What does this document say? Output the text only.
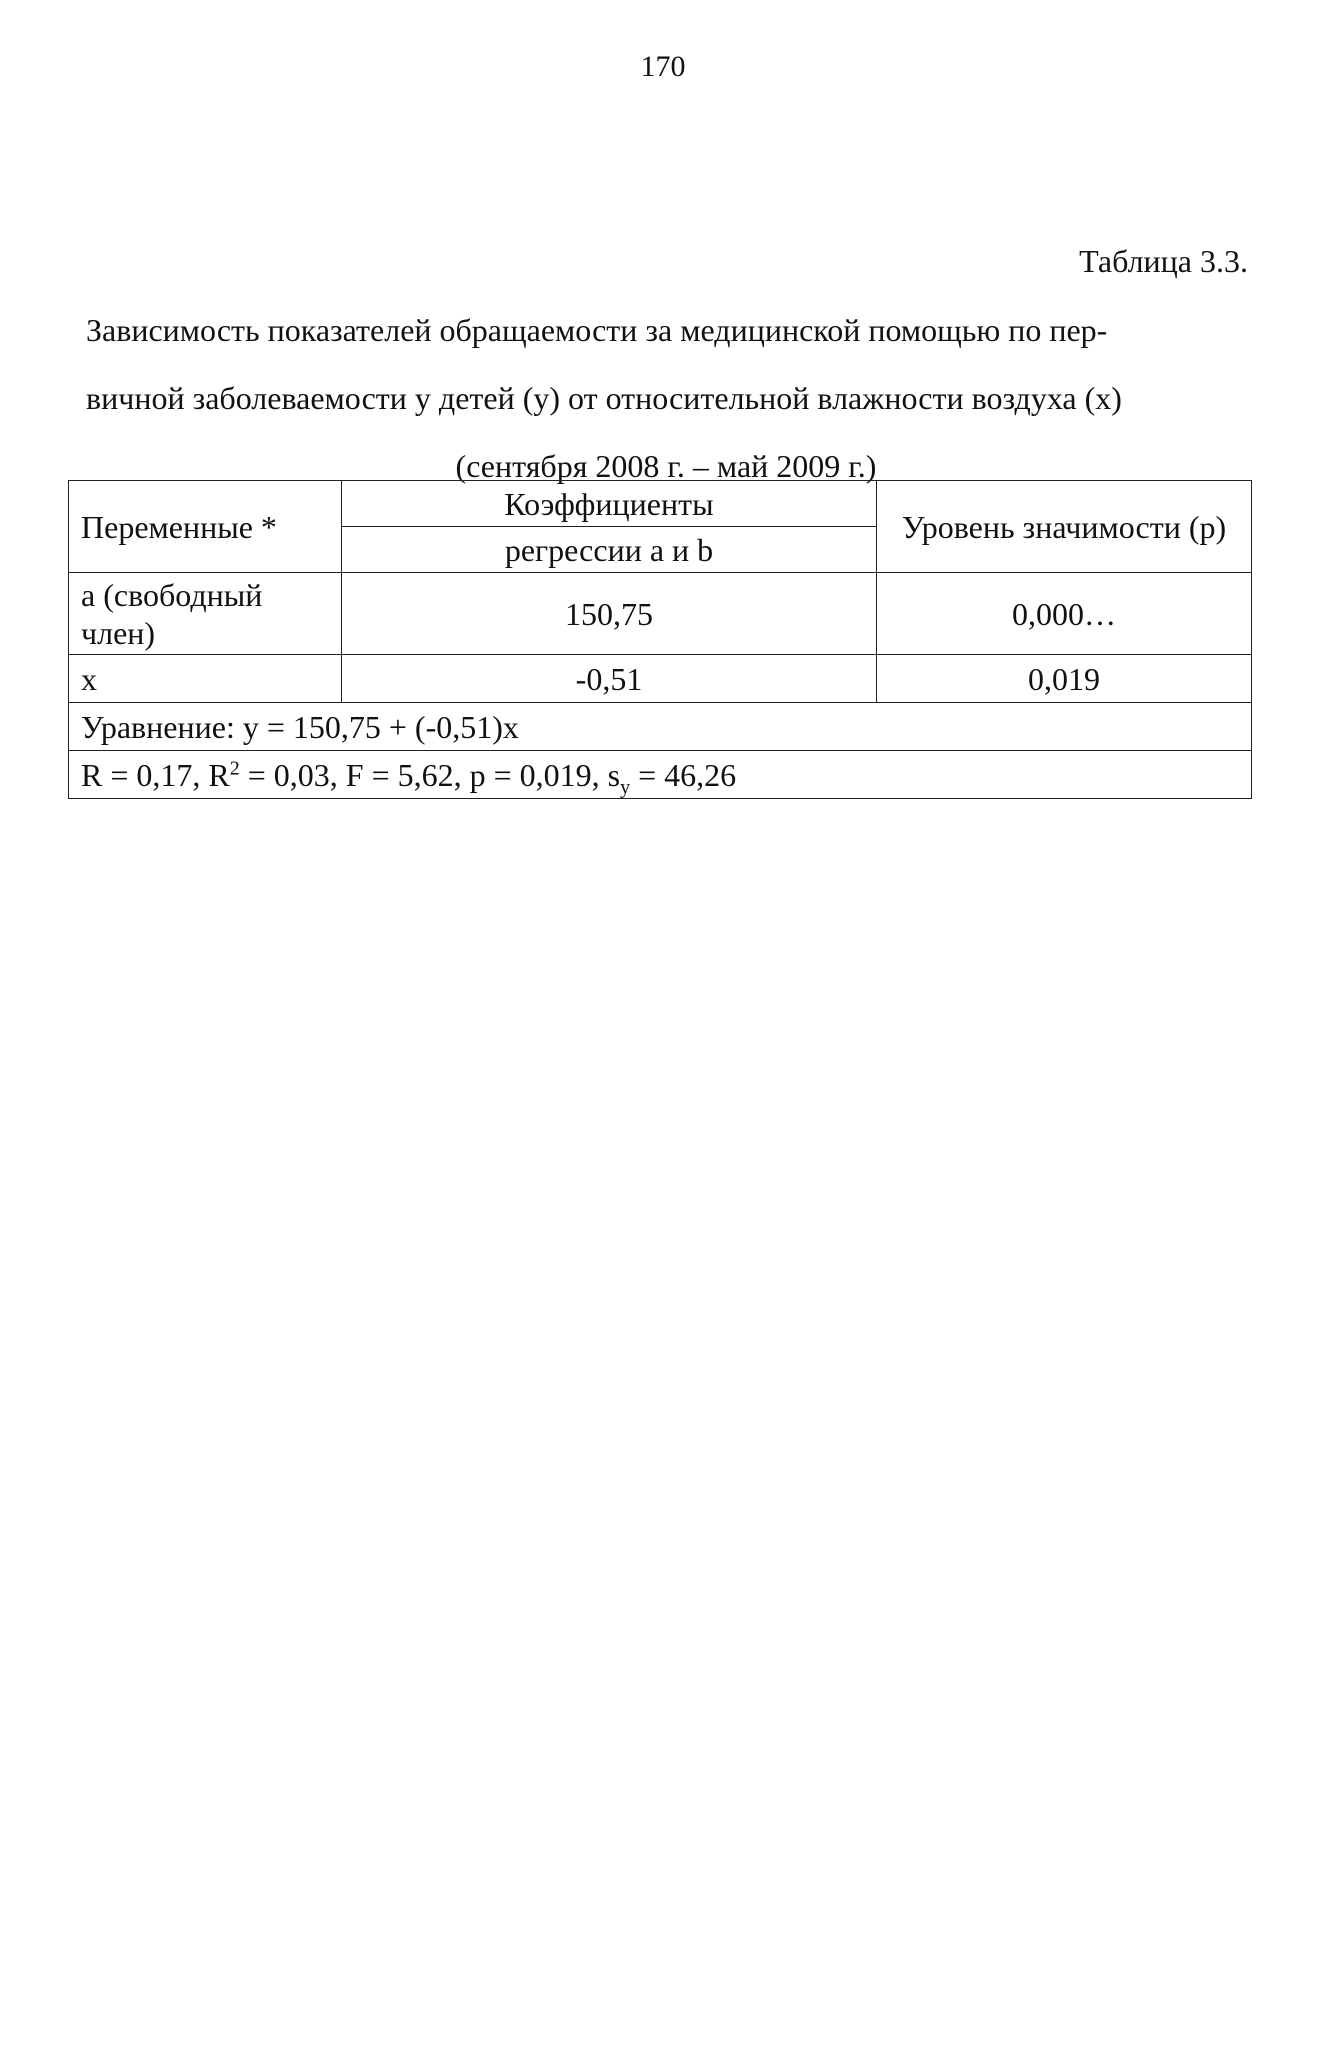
170
Таблица 3.3.
Зависимость показателей обращаемости за медицинской помощью по пер-
вичной заболеваемости у детей (у) от относительной влажности воздуха (х)
(сентября 2008 г. – май 2009 г.)
Переменные *	Коэффициенты	Уровень значимости (р)
	регрессии а и b	
а (свободный член)	150,75	0,000…
х	-0,51	0,019
Уравнение: у = 150,75 + (-0,51)х		
R = 0,17, $R^2 = 0,03$, F = 5,62, р = 0,019, $s_y = 46,26$		
